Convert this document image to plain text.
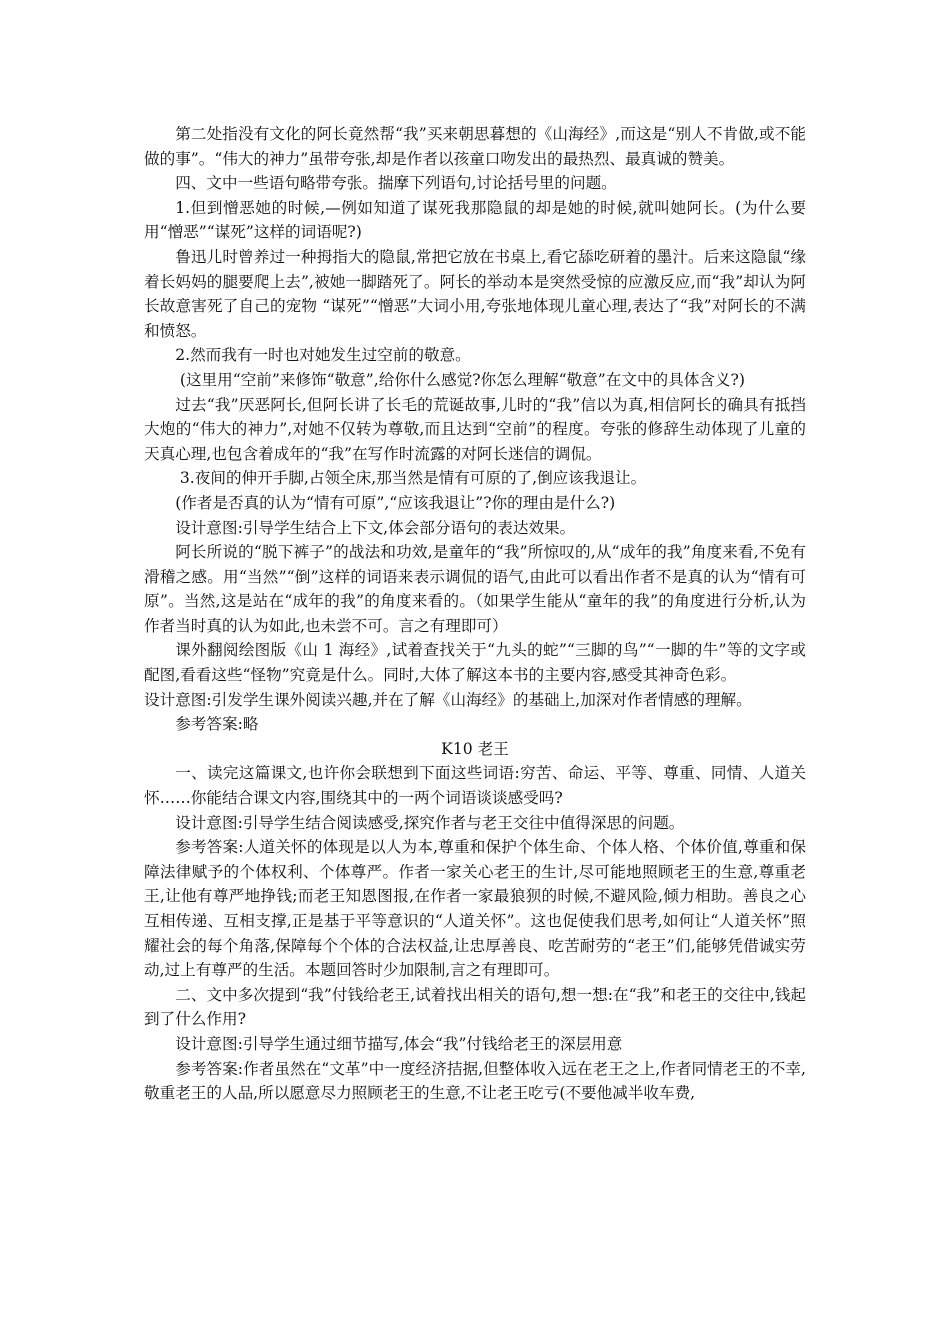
第二处指没有文化的阿长竟然帮“我”买来朝思暮想的《山海经》,而这是“别人不肯做,或不能做的事”。“伟大的神力”虽带夸张,却是作者以孩童口吻发出的最热烈、最真诚的赞美。

四、文中一些语句略带夸张。揣摩下列语句,讨论括号里的问题。

1.但到憎恶她的时候,—例如知道了谋死我那隐鼠的却是她的时候,就叫她阿长。(为什么要用“憎恶”“谋死”这样的词语呢?)

鲁迅儿时曾养过一种拇指大的隐鼠,常把它放在书桌上,看它舔吃研着的墨汁。后来这隐鼠“缘着长妈妈的腿要爬上去”,被她一脚踏死了。阿长的举动本是突然受惊的应激反应,而“我”却认为阿长故意害死了自己的宠物 “谋死”“憎恶”大词小用,夸张地体现儿童心理,表达了“我”对阿长的不满和愤怒。

2.然而我有一时也对她发生过空前的敬意。

(这里用“空前”来修饰“敬意”,给你什么感觉?你怎么理解“敬意”在文中的具体含义?)

过去“我”厌恶阿长,但阿长讲了长毛的荒诞故事,儿时的“我”信以为真,相信阿长的确具有抵挡大炮的“伟大的神力”,对她不仅转为尊敬,而且达到“空前”的程度。夸张的修辞生动体现了儿童的天真心理,也包含着成年的“我”在写作时流露的对阿长迷信的调侃。

3.夜间的伸开手脚,占领全床,那当然是情有可原的了,倒应该我退让。

(作者是否真的认为“情有可原”,“应该我退让”?你的理由是什么?)

设计意图:引导学生结合上下文,体会部分语句的表达效果。

阿长所说的“脱下裤子”的战法和功效,是童年的“我”所惊叹的,从“成年的我”角度来看,不免有滑稽之感。用“当然”“倒”这样的词语来表示调侃的语气,由此可以看出作者不是真的认为“情有可原”。当然,这是站在“成年的我”的角度来看的。（如果学生能从“童年的我”的角度进行分析,认为作者当时真的认为如此,也未尝不可。言之有理即可）

课外翻阅绘图版《山 1 海经》,试着查找关于“九头的蛇”“三脚的鸟”“一脚的牛”等的文字或配图,看看这些“怪物”究竟是什么。同时,大体了解这本书的主要内容,感受其神奇色彩。

设计意图:引发学生课外阅读兴趣,并在了解《山海经》的基础上,加深对作者情感的理解。

参考答案:略

K10 老王

一、读完这篇课文,也许你会联想到下面这些词语:穷苦、命运、平等、尊重、同情、人道关怀……你能结合课文内容,围绕其中的一两个词语谈谈感受吗?

设计意图:引导学生结合阅读感受,探究作者与老王交往中值得深思的问题。

参考答案:人道关怀的体现是以人为本,尊重和保护个体生命、个体人格、个体价值,尊重和保障法律赋予的个体权利、个体尊严。作者一家关心老王的生计,尽可能地照顾老王的生意,尊重老王,让他有尊严地挣钱;而老王知恩图报,在作者一家最狼狈的时候,不避风险,倾力相助。善良之心互相传递、互相支撑,正是基于平等意识的“人道关怀”。这也促使我们思考,如何让“人道关怀”照耀社会的每个角落,保障每个个体的合法权益,让忠厚善良、吃苦耐劳的“老王”们,能够凭借诚实劳动,过上有尊严的生活。本题回答时少加限制,言之有理即可。

二、文中多次提到“我”付钱给老王,试着找出相关的语句,想一想:在“我”和老王的交往中,钱起到了什么作用?

设计意图:引导学生通过细节描写,体会“我”付钱给老王的深层用意

参考答案:作者虽然在“文革”中一度经济拮据,但整体收入远在老王之上,作者同情老王的不幸,敬重老王的人品,所以愿意尽力照顾老王的生意,不让老王吃亏(不要他减半收车费,
